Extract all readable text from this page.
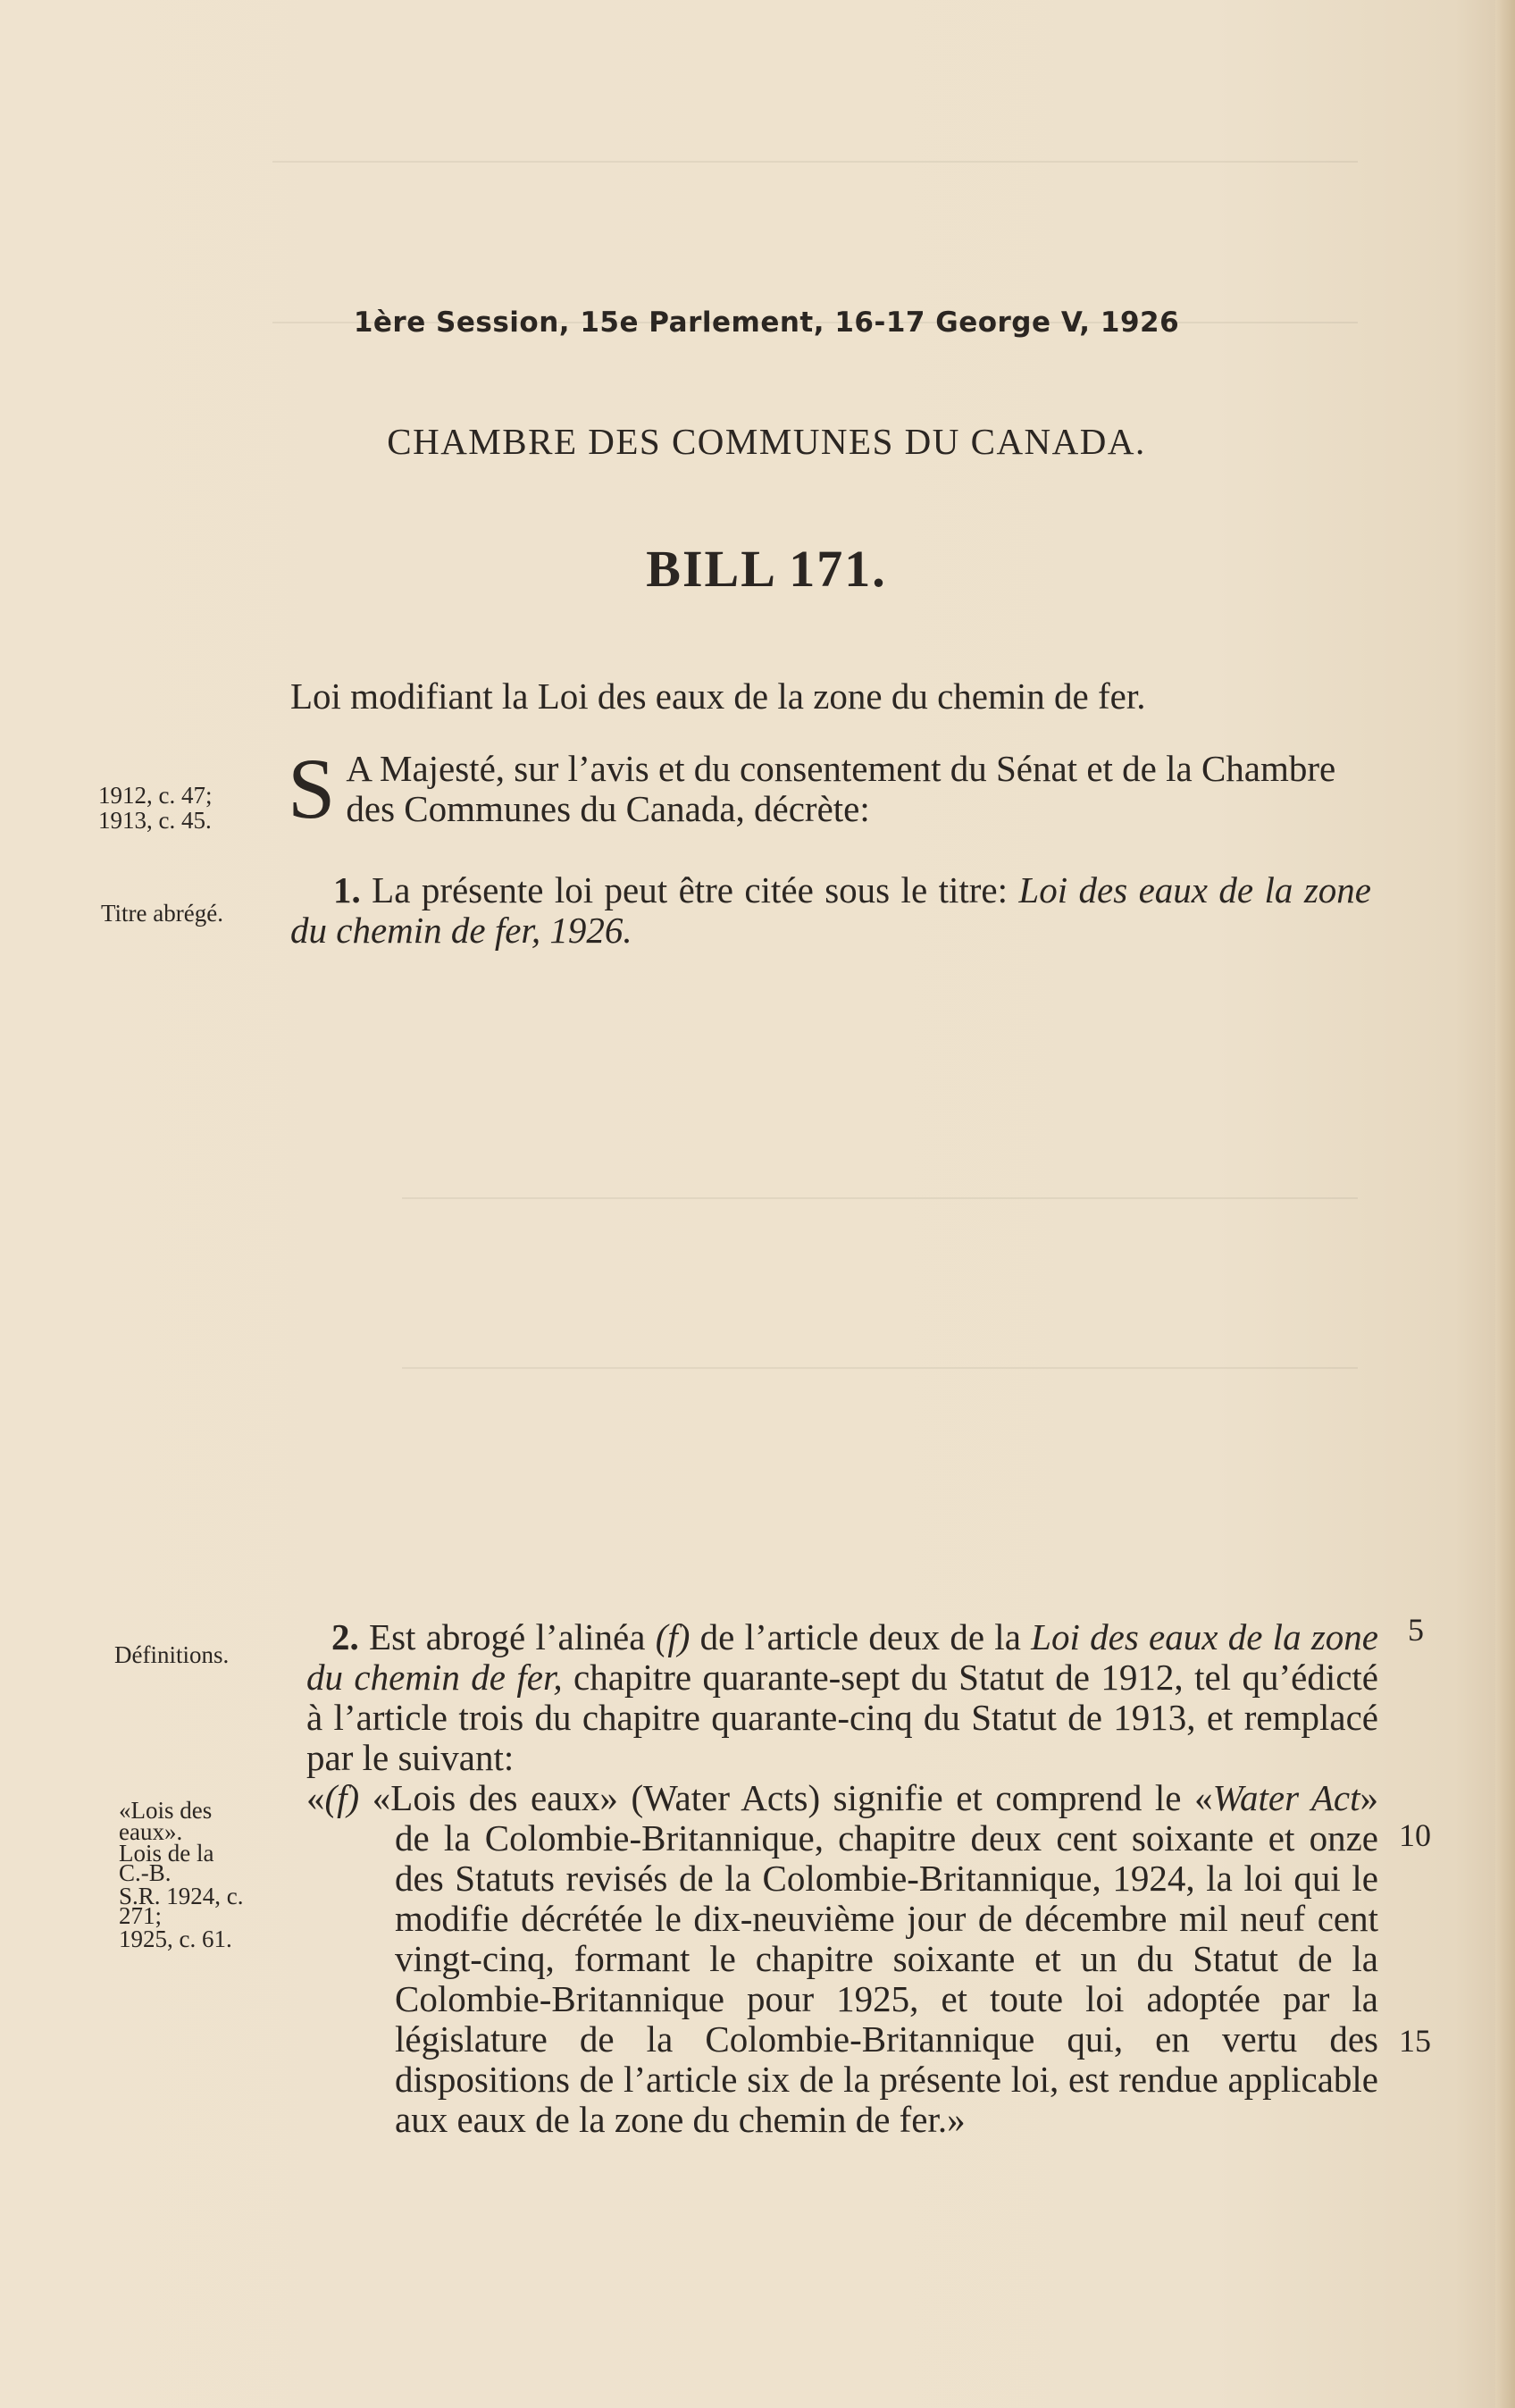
1ère Session, 15e Parlement, 16-17 George V, 1926
CHAMBRE DES COMMUNES DU CANADA.
BILL 171.
Loi modifiant la Loi des eaux de la zone du chemin de fer.
1912, c. 47;
1913, c. 45. S A Majesté, sur l’avis et du consentement du Sénat et de la Chambre des Communes du Canada, décrète:
Titre abrégé.
1. La présente loi peut être citée sous le titre: Loi des eaux de la zone du chemin de fer, 1926.
Définitions.
«Lois des
eaux».
Lois de la
C.-B.
S.R. 1924, c.
271;
1925, c. 61.
2. Est abrogé l’alinéa (f) de l’article deux de la Loi des eaux de la zone du chemin de fer, chapitre quarante-sept du Statut de 1912, tel qu’édicté à l’article trois du chapitre quarante-cinq du Statut de 1913, et remplacé par le suivant:
«(f) «Lois des eaux» (Water Acts) signifie et comprend le «Water Act» de la Colombie-Britannique, chapitre deux cent soixante et onze des Statuts revisés de la Colombie-Britannique, 1924, la loi qui le modifie décrétée le dix-neuvième jour de décembre mil neuf cent vingt-cinq, formant le chapitre soixante et un du Statut de la Colombie-Britannique pour 1925, et toute loi adoptée par la législature de la Colombie-Britannique qui, en vertu des dispositions de l’article six de la présente loi, est rendue applicable aux eaux de la zone du chemin de fer.»
5
10
15
